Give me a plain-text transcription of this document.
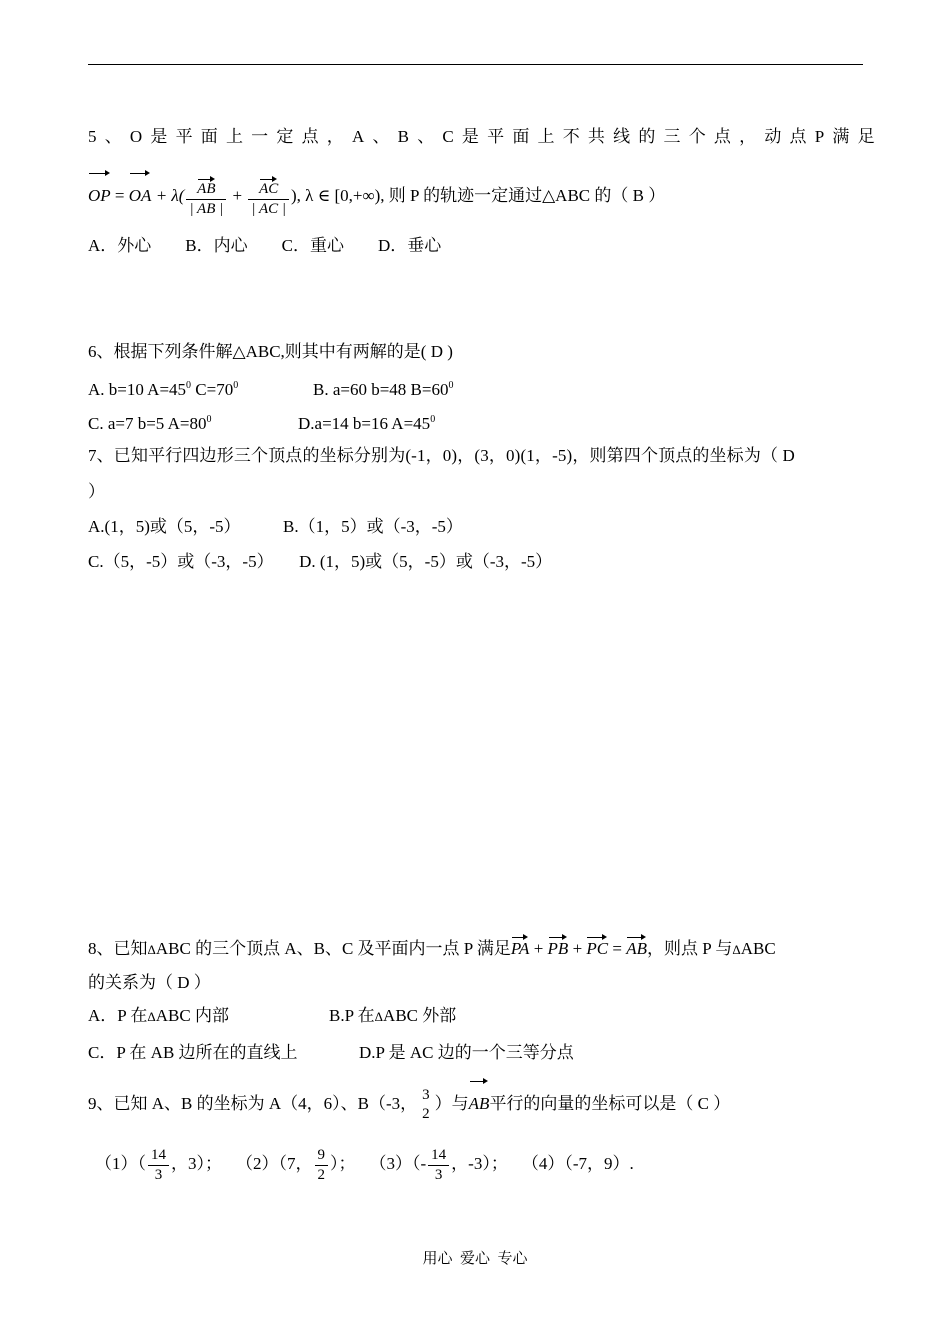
5、O是平面上一定点，A、B、C是平面上不共线的三个点，动点P满足
OP = OA + $\lambda( \frac{AB}{| AB |} + \frac{AC}{| AC |}$ ), λ ∈ [0,+∞), 则 P 的轨迹一定通过△ABC 的（ B ）
A．外心        B．内心        C．重心        D．垂心
6、根据下列条件解△ABC,则其中有两解的是( D )
A. b=10 $A=45^0$ $C=70^0$	B. a=60 b=48 $B=60^0$
C. a=7 b=5 $A=80^0$	D.a=14 b=16 $A=45^0$
7、已知平行四边形三个顶点的坐标分别为(-1，0)，(3，0)(1，-5)，则第四个顶点的坐标为（ D
）
A.(1，5)或（5，-5）          B.（1，5）或（-3，-5）
C.（5，-5）或（-3，-5）      D. (1，5)或（5，-5）或（-3，-5）
8、已知ΔABC 的三个顶点 A、B、C 及平面内一点 P 满足PA + PB + PC = AB，则点 P 与ΔABC
的关系为（ D ）
A．P 在ΔABC 内部	B.P 在ΔABC 外部
C．P 在 AB 边所在的直线上	D.P 是 AC 边的一个三等分点
9、已知 A、B 的坐标为 A（4，6）、B（-3， 3
2
）与AB平行的向量的坐标可以是（ C ）
$(1)( \frac{14}{3}$ ，3）； （2）（7， $\frac{9}{2}$ ）； $(3)(- \frac{14}{3}$ ，-3）； （4）（-7，9）.
用心  爱心  专心
